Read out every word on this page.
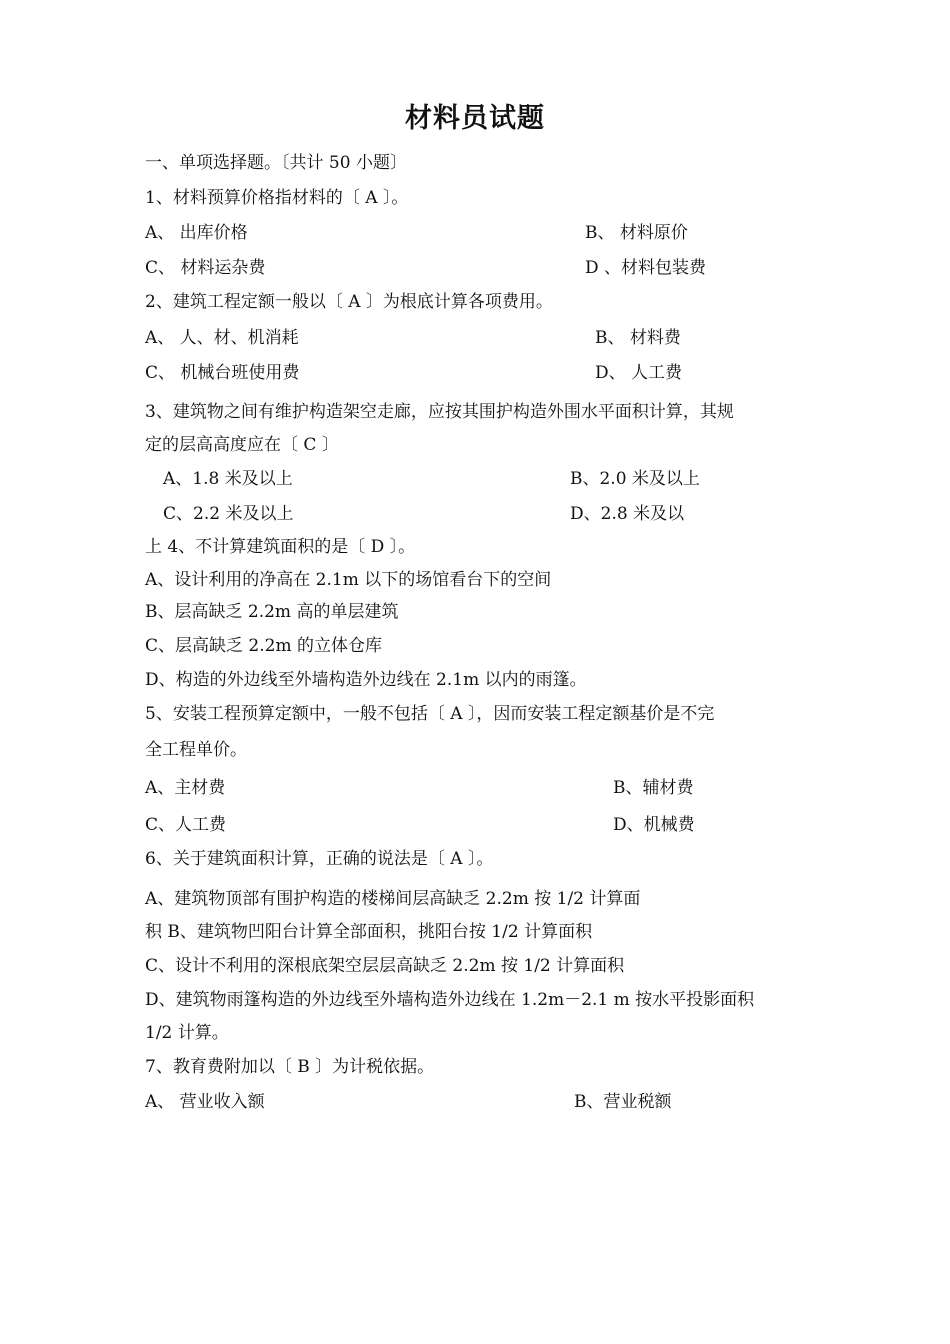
材料员试题
一、单项选择题。〔共计 50 小题〕
1、材料预算价格指材料的〔 A 〕。
A、 出库价格	B、 材料原价
C、 材料运杂费	D 、材料包装费
2、建筑工程定额一般以〔 A 〕为根底计算各项费用。
A、 人、材、机消耗	B、 材料费
C、 机械台班使用费	D、 人工费
3、建筑物之间有维护构造架空走廊，应按其围护构造外围水平面积计算，其规
定的层高高度应在〔 C 〕
A、1.8 米及以上	B、2.0 米及以上
C、2.2 米及以上	D、2.8 米及以
上 4、不计算建筑面积的是〔 D 〕。
A、设计利用的净高在 2.1m 以下的场馆看台下的空间
B、层高缺乏 2.2m 高的单层建筑
C、层高缺乏 2.2m 的立体仓库
D、构造的外边线至外墙构造外边线在 2.1m 以内的雨篷。
5、安装工程预算定额中，一般不包括〔 A 〕，因而安装工程定额基价是不完
全工程单价。
A、主材费	B、辅材费
C、人工费	D、机械费
6、关于建筑面积计算，正确的说法是〔 A 〕。
A、建筑物顶部有围护构造的楼梯间层高缺乏 2.2m 按 1/2 计算面
积 B、建筑物凹阳台计算全部面积，挑阳台按 1/2 计算面积
C、设计不利用的深根底架空层层高缺乏 2.2m 按 1/2 计算面积
D、建筑物雨篷构造的外边线至外墙构造外边线在 1.2m－2.1 m 按水平投影面积
1/2 计算。
7、教育费附加以〔 B 〕为计税依据。
A、 营业收入额	B、营业税额
